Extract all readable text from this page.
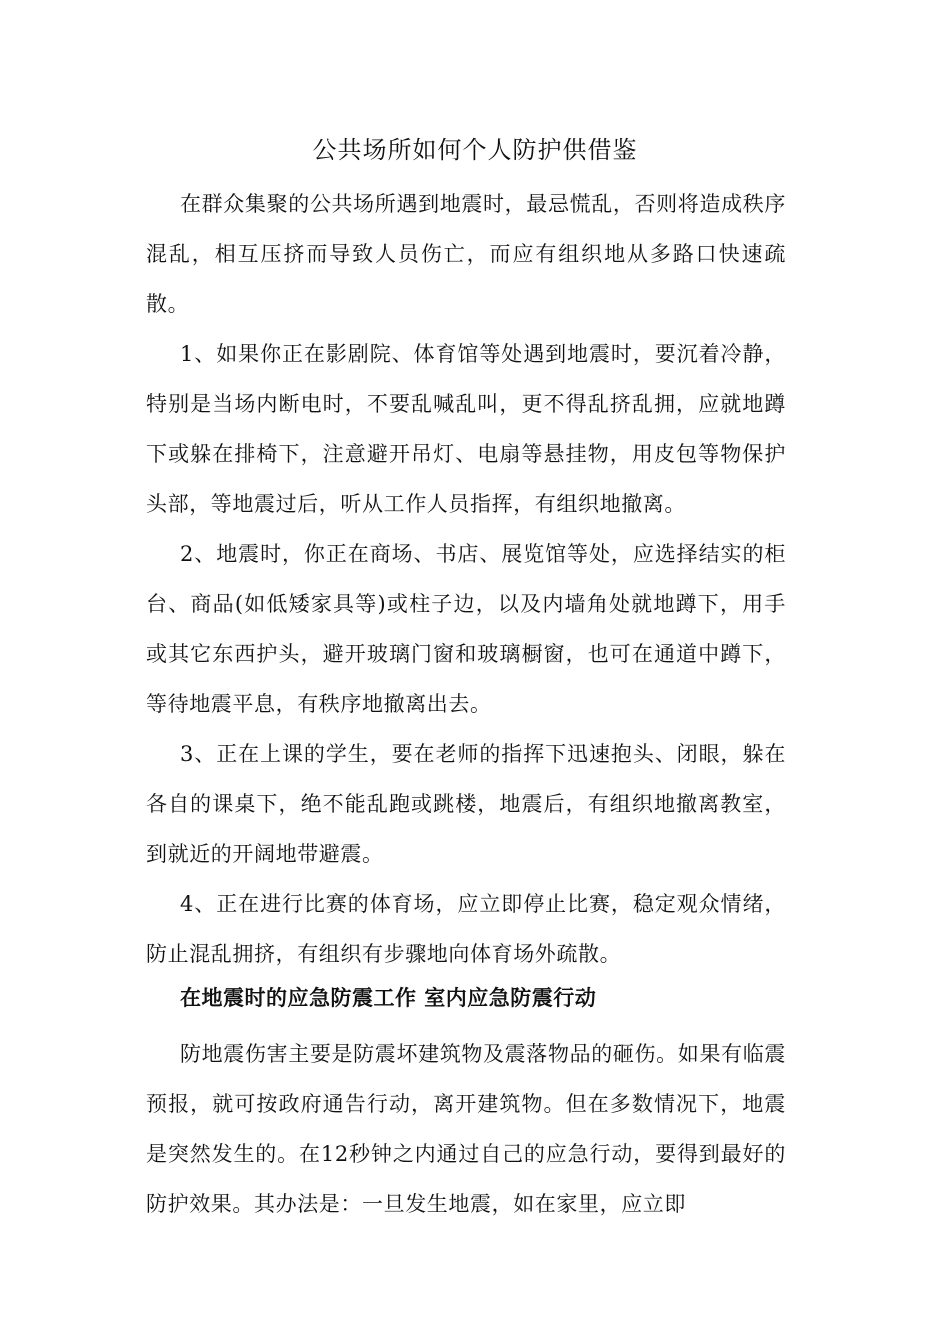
公共场所如何个人防护供借鉴

在群众集聚的公共场所遇到地震时，最忌慌乱，否则将造成秩序混乱，相互压挤而导致人员伤亡，而应有组织地从多路口快速疏散。

1、如果你正在影剧院、体育馆等处遇到地震时，要沉着冷静，特别是当场内断电时，不要乱喊乱叫，更不得乱挤乱拥，应就地蹲下或躲在排椅下，注意避开吊灯、电扇等悬挂物，用皮包等物保护头部，等地震过后，听从工作人员指挥，有组织地撤离。

2、地震时，你正在商场、书店、展览馆等处，应选择结实的柜台、商品(如低矮家具等)或柱子边，以及内墙角处就地蹲下，用手或其它东西护头，避开玻璃门窗和玻璃橱窗，也可在通道中蹲下，等待地震平息，有秩序地撤离出去。

3、正在上课的学生，要在老师的指挥下迅速抱头、闭眼，躲在各自的课桌下，绝不能乱跑或跳楼，地震后，有组织地撤离教室，到就近的开阔地带避震。

4、正在进行比赛的体育场，应立即停止比赛，稳定观众情绪，防止混乱拥挤，有组织有步骤地向体育场外疏散。

在地震时的应急防震工作 室内应急防震行动

防地震伤害主要是防震坏建筑物及震落物品的砸伤。如果有临震预报，就可按政府通告行动，离开建筑物。但在多数情况下，地震是突然发生的。在12秒钟之内通过自己的应急行动，要得到最好的防护效果。其办法是：一旦发生地震，如在家里，应立即
